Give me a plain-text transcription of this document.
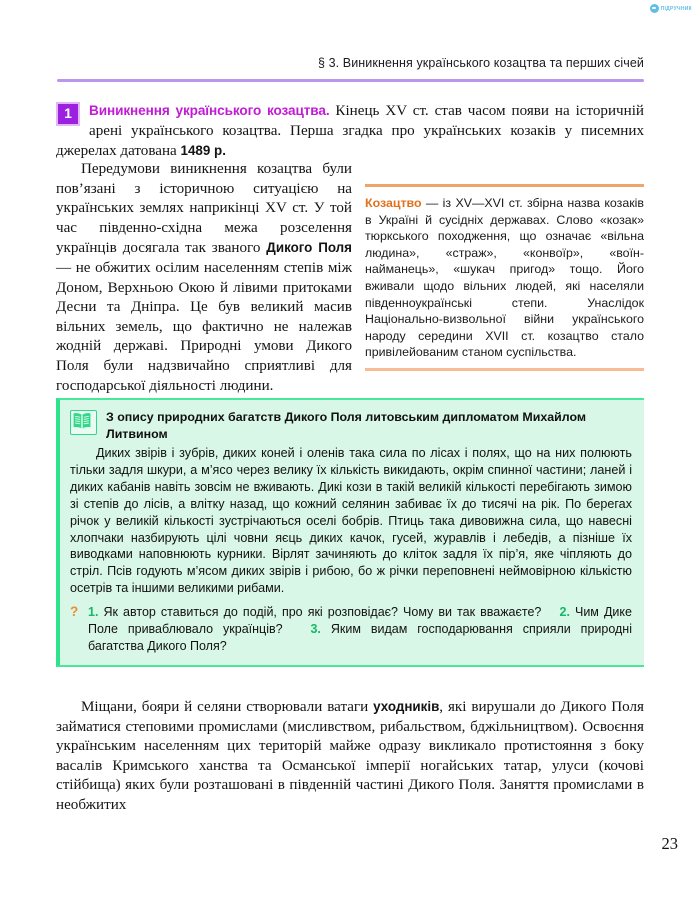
ПІДРУЧНИК
§ 3. Виникнення українського козацтва та перших січей
1	Виникнення українського козацтва. Кінець XV ст. став часом появи на історичній арені українського козацтва. Перша згадка про українських козаків у писемних джерелах датована 1489 р.

Передумови виникнення козацтва були пов’язані з історичною ситуацією на українських землях наприкінці XV ст. У той час південно-східна межа розселення українців досягала так званого Дикого Поля — не обжитих осілим населенням степів між Доном, Верхньою Окою й лівими притоками Десни та Дніпра. Це був великий масив вільних земель, що фактично не належав жодній державі. Природні умови Дикого Поля були надзвичайно сприятливі для господарської діяльності людини.

Козацтво — із XV—XVI ст. збірна назва козаків в Україні й сусідніх державах. Слово «козак» тюркського походження, що означає «вільна людина», «страж», «конвоїр», «воїн-найманець», «шукач пригод» тощо. Його вживали щодо вільних людей, які населяли південноукраїнські степи. Унаслідок Національно-визвольної війни українського народу середини XVII ст. козацтво стало привілейованим станом суспільства.

З опису природних багатств Дикого Поля литовським дипломатом Михайлом Литвином

Диких звірів і зубрів, диких коней і оленів така сила по лісах і полях, що на них полюють тільки задля шкури, а м’ясо через велику їх кількість викидають, окрім спинної частини; ланей і диких кабанів навіть зовсім не вживають. Дикі кози в такій великій кількості перебігають зимою зі степів до лісів, а влітку назад, що кожний селянин забиває їх до тисячі на рік. По берегах річок у великій кількості зустрічаються оселі бобрів. Птиць така дивовижна сила, що навесні хлопчаки назбирують цілі човни яєць диких качок, гусей, журавлів і лебедів, а пізніше їх виводками наповнюють курники. Вірлят зачиняють до кліток задля їх пір’я, яке чіпляють до стріл. Псів годують м’ясом диких звірів і рибою, бо ж річки переповнені неймовірною кількістю осетрів та іншими великими рибами.

? 1. Як автор ставиться до подій, про які розповідає? Чому ви так вважаєте? 2. Чим Дике Поле приваблювало українців? 3. Яким видам господарювання сприяли природні багатства Дикого Поля?

Міщани, бояри й селяни створювали ватаги уходників, які вирушали до Дикого Поля займатися степовими промислами (мисливством, рибальством, бджільництвом). Освоєння українським населенням цих територій майже одразу викликало протистояння з боку васалів Кримського ханства та Османської імперії ногайських татар, улуси (кочові стійбища) яких були розташовані в південній частині Дикого Поля. Заняття промислами в необжитих

23
